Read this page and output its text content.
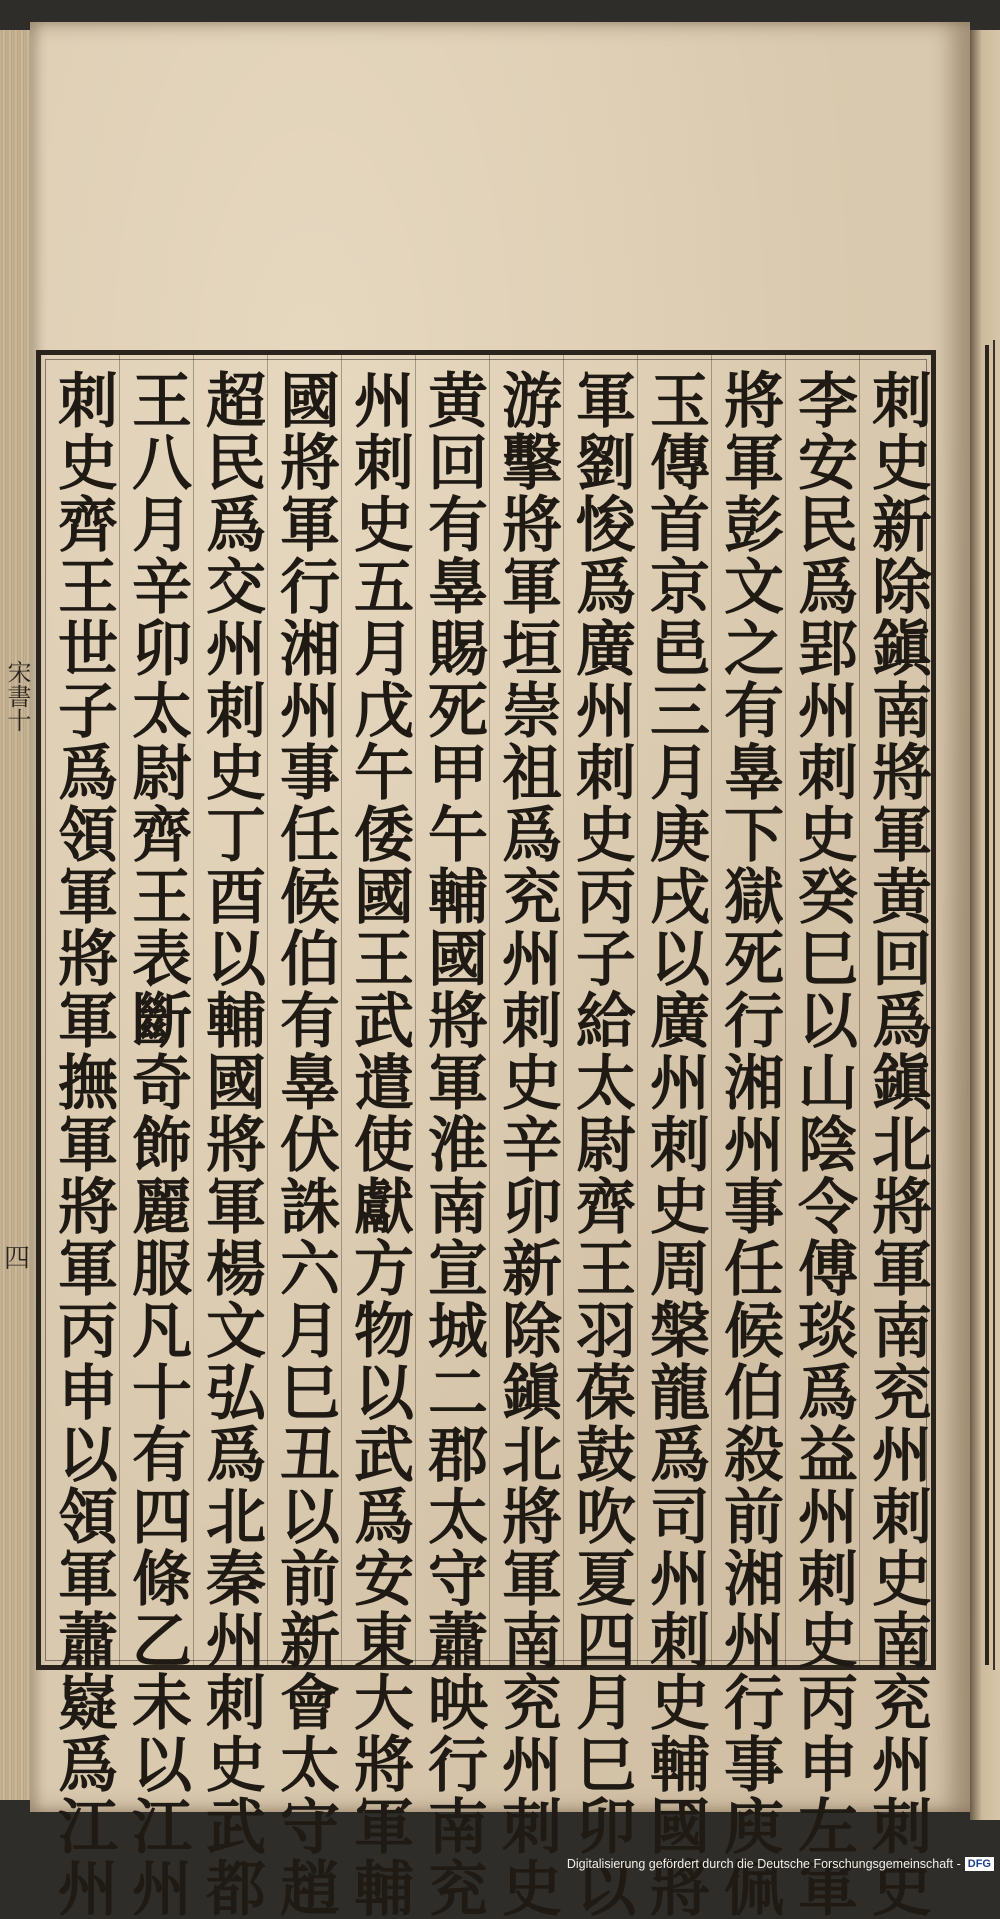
宋書十
四	刺史新除鎭南將軍黄回爲鎭北將軍南兖州刺史南兖州刺史
李安民爲郢州刺史癸巳以山陰令傅琰爲益州刺史丙申左軍
將軍彭文之有辠下獄死行湘州事任候伯殺前湘州行事庾佩
玉傳首京邑三月庚戌以廣州刺史周槃龍爲司州刺史輔國將
軍劉悛爲廣州刺史丙子給太尉齊王羽葆鼓吹夏四月巳卯以
游擊將軍垣崇祖爲兖州刺史辛卯新除鎭北將軍南兖州刺史
黄回有辠賜死甲午輔國將軍淮南宣城二郡太守蕭映行南兖
州刺史五月戊午倭國王武遣使獻方物以武爲安東大將軍輔
國將軍行湘州事任候伯有辠伏誅六月巳丑以前新會太守趙
超民爲交州刺史丁酉以輔國將軍楊文弘爲北秦州刺史武都
王八月辛卯太尉齊王表斷奇飾麗服凡十有四條乙未以江州
刺史齊王世子爲領軍將軍撫軍將軍丙申以領軍蕭嶷爲江州	Digitalisierung gefördert durch die Deutsche Forschungsgemeinschaft - DFG
